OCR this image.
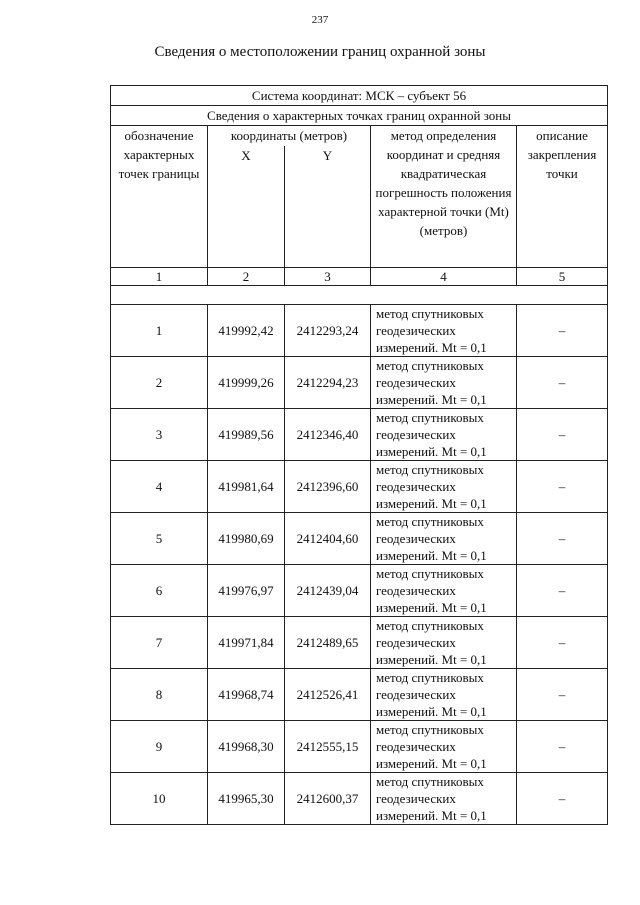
237
Сведения о местоположении границ охранной зоны
Система координат: МСК – субъект 56				
Сведения о характерных точках границ охранной зоны				
обозначение характерных точек границы	координаты (метров)		метод определения координат и средняя квадратическая погрешность положения характерной точки (Mt) (метров)	описание закрепления точки
	X	Y		
1	2	3	4	5

1	419992,42	2412293,24	метод спутниковых геодезических измерений. Mt = 0,1	–
2	419999,26	2412294,23	метод спутниковых геодезических измерений. Mt = 0,1	–
3	419989,56	2412346,40	метод спутниковых геодезических измерений. Mt = 0,1	–
4	419981,64	2412396,60	метод спутниковых геодезических измерений. Mt = 0,1	–
5	419980,69	2412404,60	метод спутниковых геодезических измерений. Mt = 0,1	–
6	419976,97	2412439,04	метод спутниковых геодезических измерений. Mt = 0,1	–
7	419971,84	2412489,65	метод спутниковых геодезических измерений. Mt = 0,1	–
8	419968,74	2412526,41	метод спутниковых геодезических измерений. Mt = 0,1	–
9	419968,30	2412555,15	метод спутниковых геодезических измерений. Mt = 0,1	–
10	419965,30	2412600,37	метод спутниковых геодезических измерений. Mt = 0,1	–
